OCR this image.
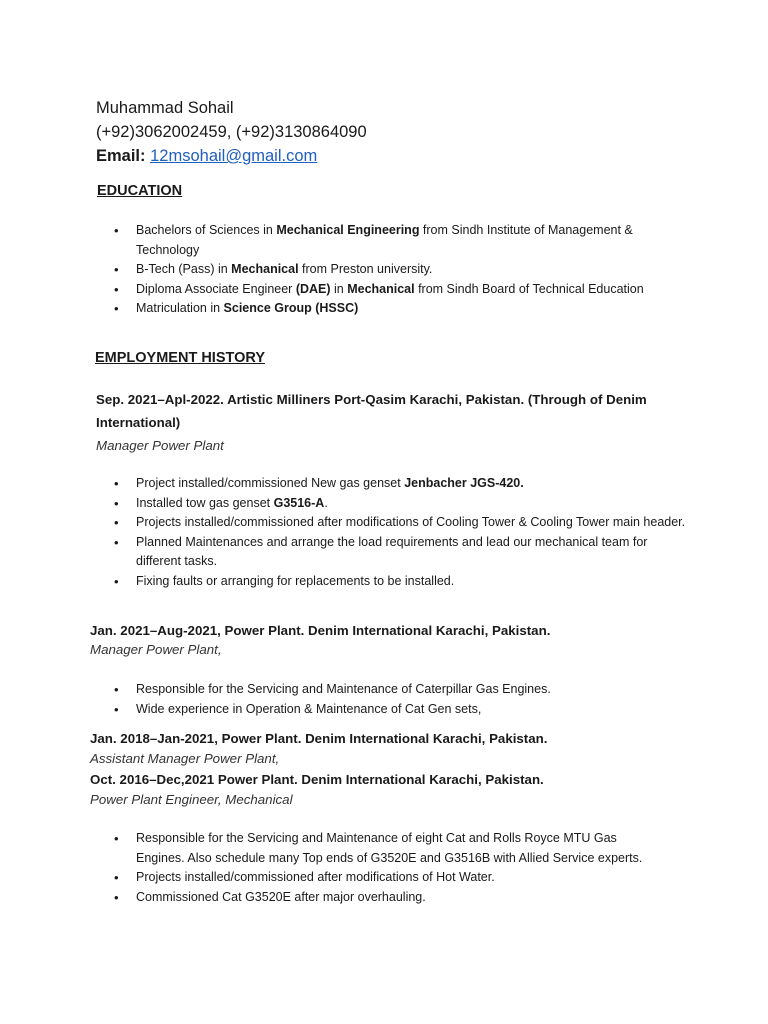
Muhammad Sohail
(+92)3062002459, (+92)3130864090
Email: 12msohail@gmail.com
EDUCATION
• Bachelors of Sciences in Mechanical Engineering from Sindh Institute of Management & Technology
• B-Tech (Pass) in Mechanical from Preston university.
• Diploma Associate Engineer (DAE) in Mechanical from Sindh Board of Technical Education
• Matriculation in Science Group (HSSC)
EMPLOYMENT HISTORY
Sep. 2021–Apl-2022. Artistic Milliners Port-Qasim Karachi, Pakistan. (Through of Denim International)
Manager Power Plant
• Project installed/commissioned New gas genset Jenbacher JGS-420.
• Installed tow gas genset G3516-A.
• Projects installed/commissioned after modifications of Cooling Tower & Cooling Tower main header.
• Planned Maintenances and arrange the load requirements and lead our mechanical team for different tasks.
• Fixing faults or arranging for replacements to be installed.
Jan. 2021–Aug-2021, Power Plant. Denim International Karachi, Pakistan.
Manager Power Plant,
• Responsible for the Servicing and Maintenance of Caterpillar Gas Engines.
• Wide experience in Operation & Maintenance of Cat Gen sets,
Jan. 2018–Jan-2021, Power Plant. Denim International Karachi, Pakistan.
Assistant Manager Power Plant,
Oct. 2016–Dec,2021 Power Plant. Denim International Karachi, Pakistan.
Power Plant Engineer, Mechanical
• Responsible for the Servicing and Maintenance of eight Cat and Rolls Royce MTU Gas Engines. Also schedule many Top ends of G3520E and G3516B with Allied Service experts.
• Projects installed/commissioned after modifications of Hot Water.
• Commissioned Cat G3520E after major overhauling.
